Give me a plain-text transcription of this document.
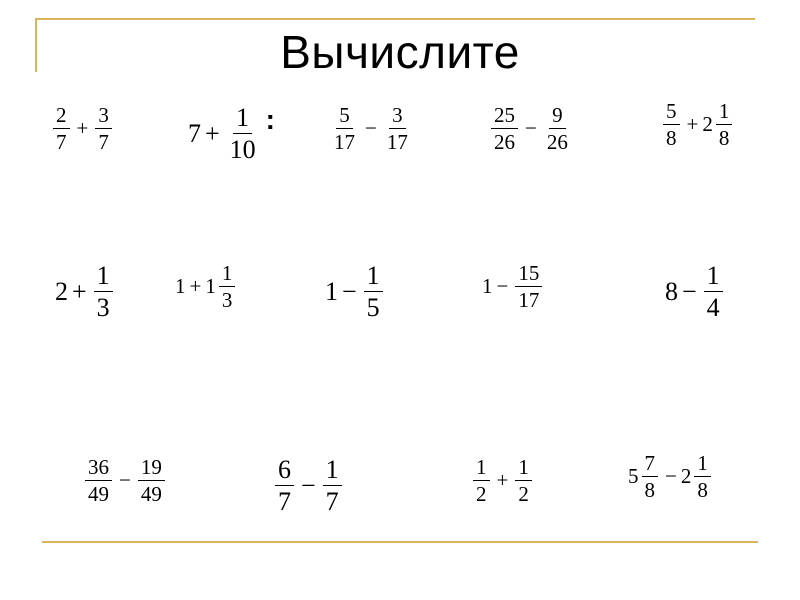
Вычислите
$\frac{2}{7} + \frac{3}{7}$	$7 + \frac{1}{10}$ :	$\frac{5}{17} - \frac{3}{17}$	$\frac{25}{26} - \frac{9}{26}$	$\frac{5}{8} + 2 \frac{1}{8}$
$2 + \frac{1}{3}$	$1 + 1 \frac{1}{3}$	$1 - \frac{1}{5}$	$1 - \frac{15}{17}$	$8 - \frac{1}{4}$
$\frac{36}{49} - \frac{19}{49}$	$\frac{6}{7} - \frac{1}{7}$	$\frac{1}{2} + \frac{1}{2}$	$5 \frac{7}{8} - 2 \frac{1}{8}$
